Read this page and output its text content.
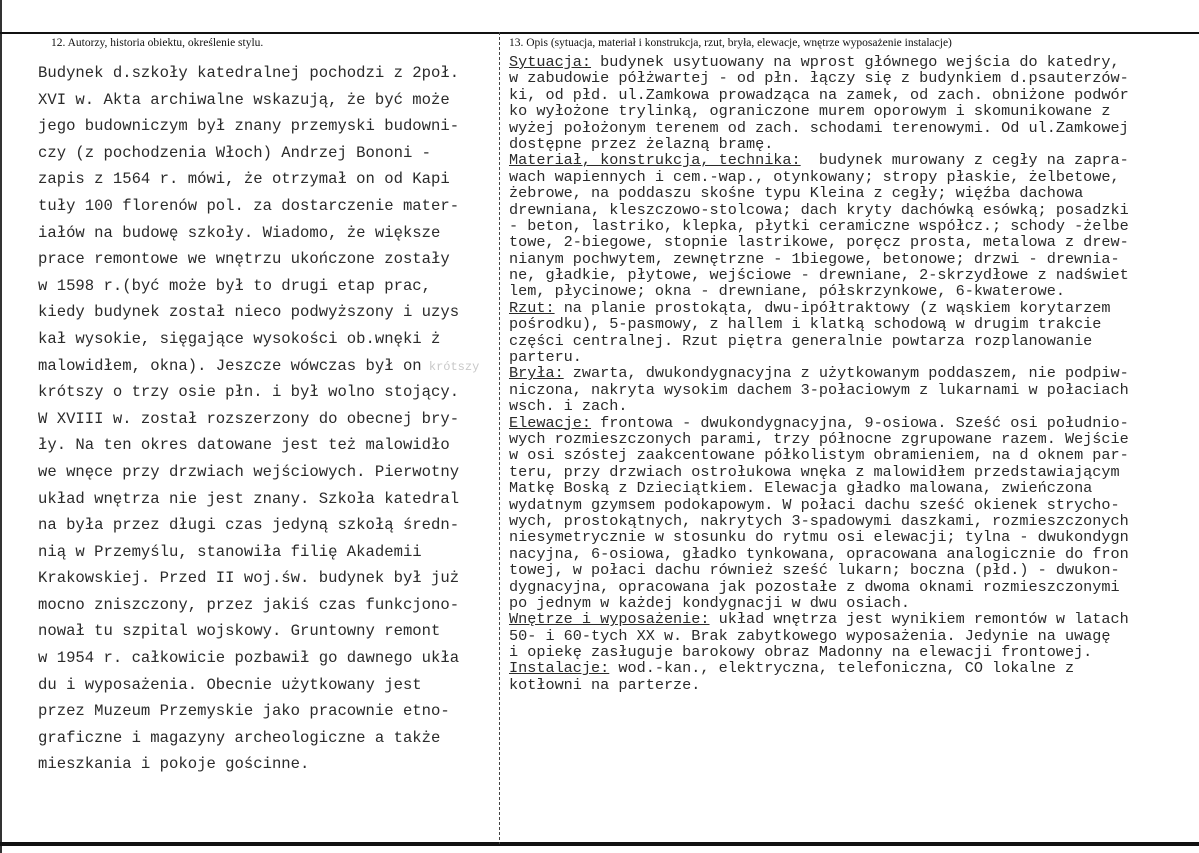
12. Autorzy, historia obiektu, określenie stylu.	13. Opis (sytuacja, materiał i konstrukcja, rzut, bryła, elewacje, wnętrze wyposażenie instalacje)
Budynek d.szkoły katedralnej pochodzi z 2poł.
XVI w. Akta archiwalne wskazują, że być może
jego budowniczym był znany przemyski budowni-
czy (z pochodzenia Włoch) Andrzej Bononi -
zapis z 1564 r. mówi, że otrzymał on od Kapi
tuły 100 florenów pol. za dostarczenie mater-
iałów na budowę szkoły. Wiadomo, że większe
prace remontowe we wnętrzu ukończone zostały
w 1598 r.(być może był to drugi etap prac,
kiedy budynek został nieco podwyższony i uzys
kał wysokie, sięgające wysokości ob.wnęki ż
malowidłem, okna). Jeszcze wówczas był on krótszy
krótszy o trzy osie płn. i był wolno stojący.
W XVIII w. został rozszerzony do obecnej bry-
ły. Na ten okres datowane jest też malowidło
we wnęce przy drzwiach wejściowych. Pierwotny
układ wnętrza nie jest znany. Szkoła katedral
na była przez długi czas jedyną szkołą średn-
nią w Przemyślu, stanowiła filię Akademii
Krakowskiej. Przed II woj.św. budynek był już
mocno zniszczony, przez jakiś czas funkcjono-
nował tu szpital wojskowy. Gruntowny remont
w 1954 r. całkowicie pozbawił go dawnego ukła
du i wyposażenia. Obecnie użytkowany jest
przez Muzeum Przemyskie jako pracownie etno-
graficzne i magazyny archeologiczne a także
mieszkania i pokoje gościnne.
Sytuacja: budynek usytuowany na wprost głównego wejścia do katedry,
w zabudowie półżwartej - od płn. łączy się z budynkiem d.psauterzów-
ki, od płd. ul.Zamkowa prowadząca na zamek, od zach. obniżone podwór
ko wyłożone trylinką, ograniczone murem oporowym i skomunikowane z
wyżej położonym terenem od zach. schodami terenowymi. Od ul.Zamkowej
dostępne przez żelazną bramę.
Materiał, konstrukcja, technika:  budynek murowany z cegły na zapra-
wach wapiennych i cem.-wap., otynkowany; stropy płaskie, żelbetowe,
żebrowe, na poddaszu skośne typu Kleina z cegły; więźba dachowa
drewniana, kleszczowo-stolcowa; dach kryty dachówką esówką; posadzki
- beton, lastriko, klepka, płytki ceramiczne współcz.; schody -żelbe
towe, 2-biegowe, stopnie lastrikowe, poręcz prosta, metalowa z drew-
nianym pochwytem, zewnętrzne - 1biegowe, betonowe; drzwi - drewnia-
ne, gładkie, płytowe, wejściowe - drewniane, 2-skrzydłowe z nadświet
lem, płycinowe; okna - drewniane, półskrzynkowe, 6-kwaterowe.
Rzut: na planie prostokąta, dwu-ipółtraktowy (z wąskiem korytarzem
pośrodku), 5-pasmowy, z hallem i klatką schodową w drugim trakcie
części centralnej. Rzut piętra generalnie powtarza rozplanowanie
parteru.
Bryła: zwarta, dwukondygnacyjna z użytkowanym poddaszem, nie podpiw-
niczona, nakryta wysokim dachem 3-połaciowym z lukarnami w połaciach
wsch. i zach.
Elewacje: frontowa - dwukondygnacyjna, 9-osiowa. Sześć osi południo-
wych rozmieszczonych parami, trzy północne zgrupowane razem. Wejście
w osi szóstej zaakcentowane półkolistym obramieniem, na d oknem par-
teru, przy drzwiach ostrołukowa wnęka z malowidłem przedstawiającym
Matkę Boską z Dzieciątkiem. Elewacja gładko malowana, zwieńczona
wydatnym gzymsem podokapowym. W połaci dachu sześć okienek strycho-
wych, prostokątnych, nakrytych 3-spadowymi daszkami, rozmieszczonych
niesymetrycznie w stosunku do rytmu osi elewacji; tylna - dwukondygn
nacyjna, 6-osiowa, gładko tynkowana, opracowana analogicznie do fron
towej, w połaci dachu również sześć lukarn; boczna (płd.) - dwukon-
dygnacyjna, opracowana jak pozostałe z dwoma oknami rozmieszczonymi
po jednym w każdej kondygnacji w dwu osiach.
Wnętrze i wyposażenie: układ wnętrza jest wynikiem remontów w latach
50- i 60-tych XX w. Brak zabytkowego wyposażenia. Jedynie na uwagę
i opiekę zasługuje barokowy obraz Madonny na elewacji frontowej.
Instalacje: wod.-kan., elektryczna, telefoniczna, CO lokalne z
kotłowni na parterze.
